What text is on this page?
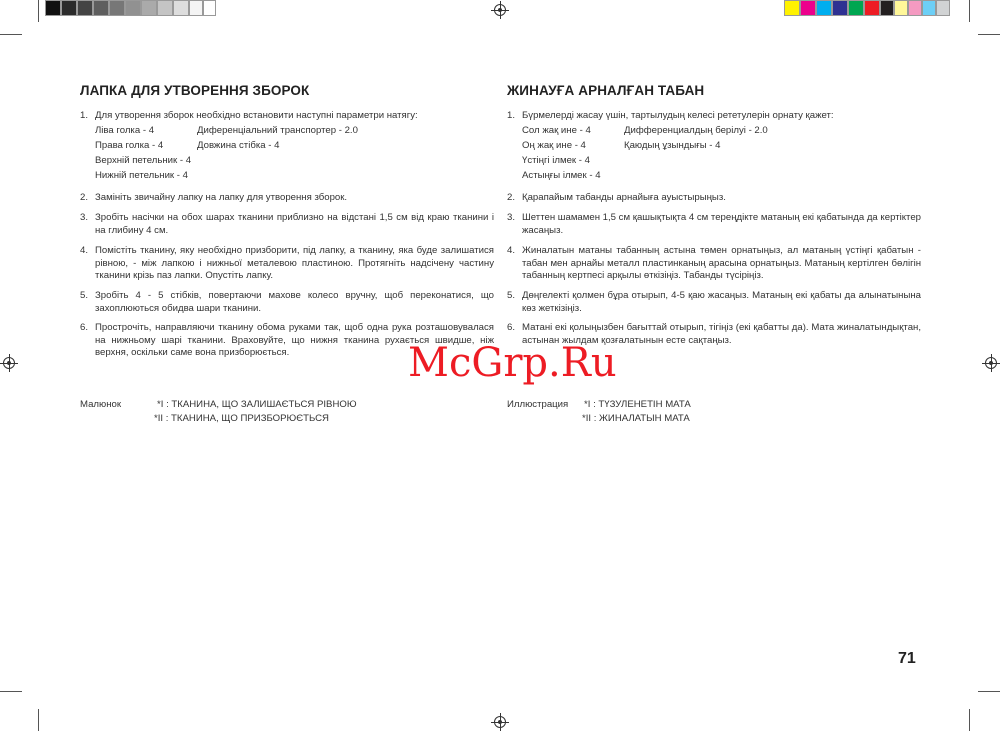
ЛАПКА ДЛЯ УТВОРЕННЯ ЗБОРОК
1. Для утворення зборок необхідно встановити наступні параметри натягу:
Ліва голка - 4	Диференціальний транспортер - 2.0
Права голка - 4	Довжина стібка - 4
Верхній петельник - 4
Нижній петельник - 4
2. Замініть звичайну лапку на лапку для утворення зборок.
3. Зробіть насічки на обох шарах тканини приблизно на відстані 1,5 см від краю тканини і на глибину 4 см.
4. Помістіть тканину, яку необхідно призборити, під лапку, а тканину, яка буде залишатися рівною, - між лапкою і нижньої металевою пластиною. Протягніть надсічену частину тканини крізь паз лапки. Опустіть лапку.
5. Зробіть 4 - 5 стібків, повертаючи махове колесо вручну, щоб переконатися, що захоплюються обидва шари тканини.
6. Прострочіть, направляючи тканину обома руками так, щоб одна рука розташовувалася на нижньому шарі тканини. Враховуйте, що нижня тканина рухається швидше, ніж верхня, оскільки саме вона призборюється.
Малюнок	*I : ТКАНИНА, ЩО ЗАЛИШАЄТЬСЯ РІВНОЮ
*II : ТКАНИНА, ЩО ПРИЗБОРЮЄТЬСЯ
ЖИНАУҒА АРНАЛҒАН ТАБАН
1. Бүрмелерді жасау үшін, тартылудың келесі рететулерін орнату қажет:
Сол жақ ине - 4	Дифференциалдың берілуі - 2.0
Оң жақ ине - 4	Қаюдың ұзындығы - 4
Үстіңгі ілмек - 4
Астыңғы ілмек - 4
2. Қарапайым табанды арнайыға ауыстырыңыз.
3. Шеттен шамамен 1,5 см қашықтықта 4 см тереңдікте матаның екі қабатында да кертіктер жасаңыз.
4. Жиналатын матаны табанның астына төмен орнатыңыз, ал матаның үстіңгі қабатын - табан мен арнайы металл пластинканың арасына орнатыңыз. Матаның кертілген бөлігін табанның кертпесі арқылы өткізіңіз. Табанды түсіріңіз.
5. Дөңгелекті қолмен бұра отырып, 4-5 қаю жасаңыз. Матаның екі қабаты да алынатынына көз жеткізіңіз.
6. Матані екі қолыңызбен бағыттай отырып, тігіңіз (екі қабатты да). Мата жиналатындықтан, астынан жылдам қозғалатынын есте сақтаңыз.
Иллюстрация *I : ТҮЗУЛЕНЕТІН МАТА
*II : ЖИНАЛАТЫН МАТА
McGrp.Ru
71
